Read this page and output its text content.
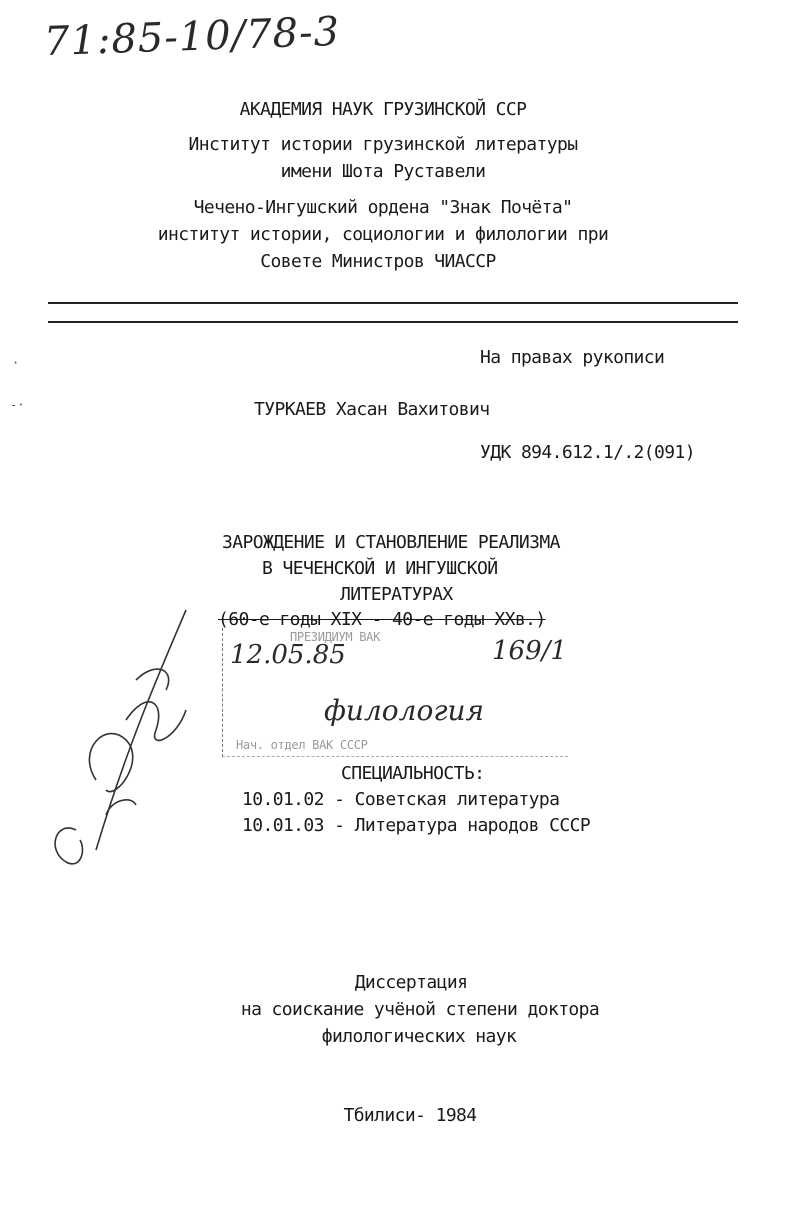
71:85-10/78-3
АКАДЕМИЯ НАУК ГРУЗИНСКОЙ ССР
Институт истории грузинской литературы
имени Шота Руставели
Чечено-Ингушский ордена "Знак Почёта"
институт истории, социологии и филологии при
Совете Министров ЧИАССР
·
-·
На правах рукописи
ТУРКАЕВ Хасан Вахитович
УДК 894.612.1/.2(091)
ЗАРОЖДЕНИЕ И СТАНОВЛЕНИЕ РЕАЛИЗМА
В ЧЕЧЕНСКОЙ И ИНГУШСКОЙ
ЛИТЕРАТУРАХ
(60-е годы XIX - 40-е годы XXв.)
ПРЕЗИДИУМ ВАК
12.05.85	169/1
филология
Нач. отдел ВАК СССР
СПЕЦИАЛЬНОСТЬ:
10.01.02 - Советская литература
10.01.03 - Литература народов СССР
Диссертация
на соискание учёной степени доктора
филологических наук
Тбилиси- 1984
